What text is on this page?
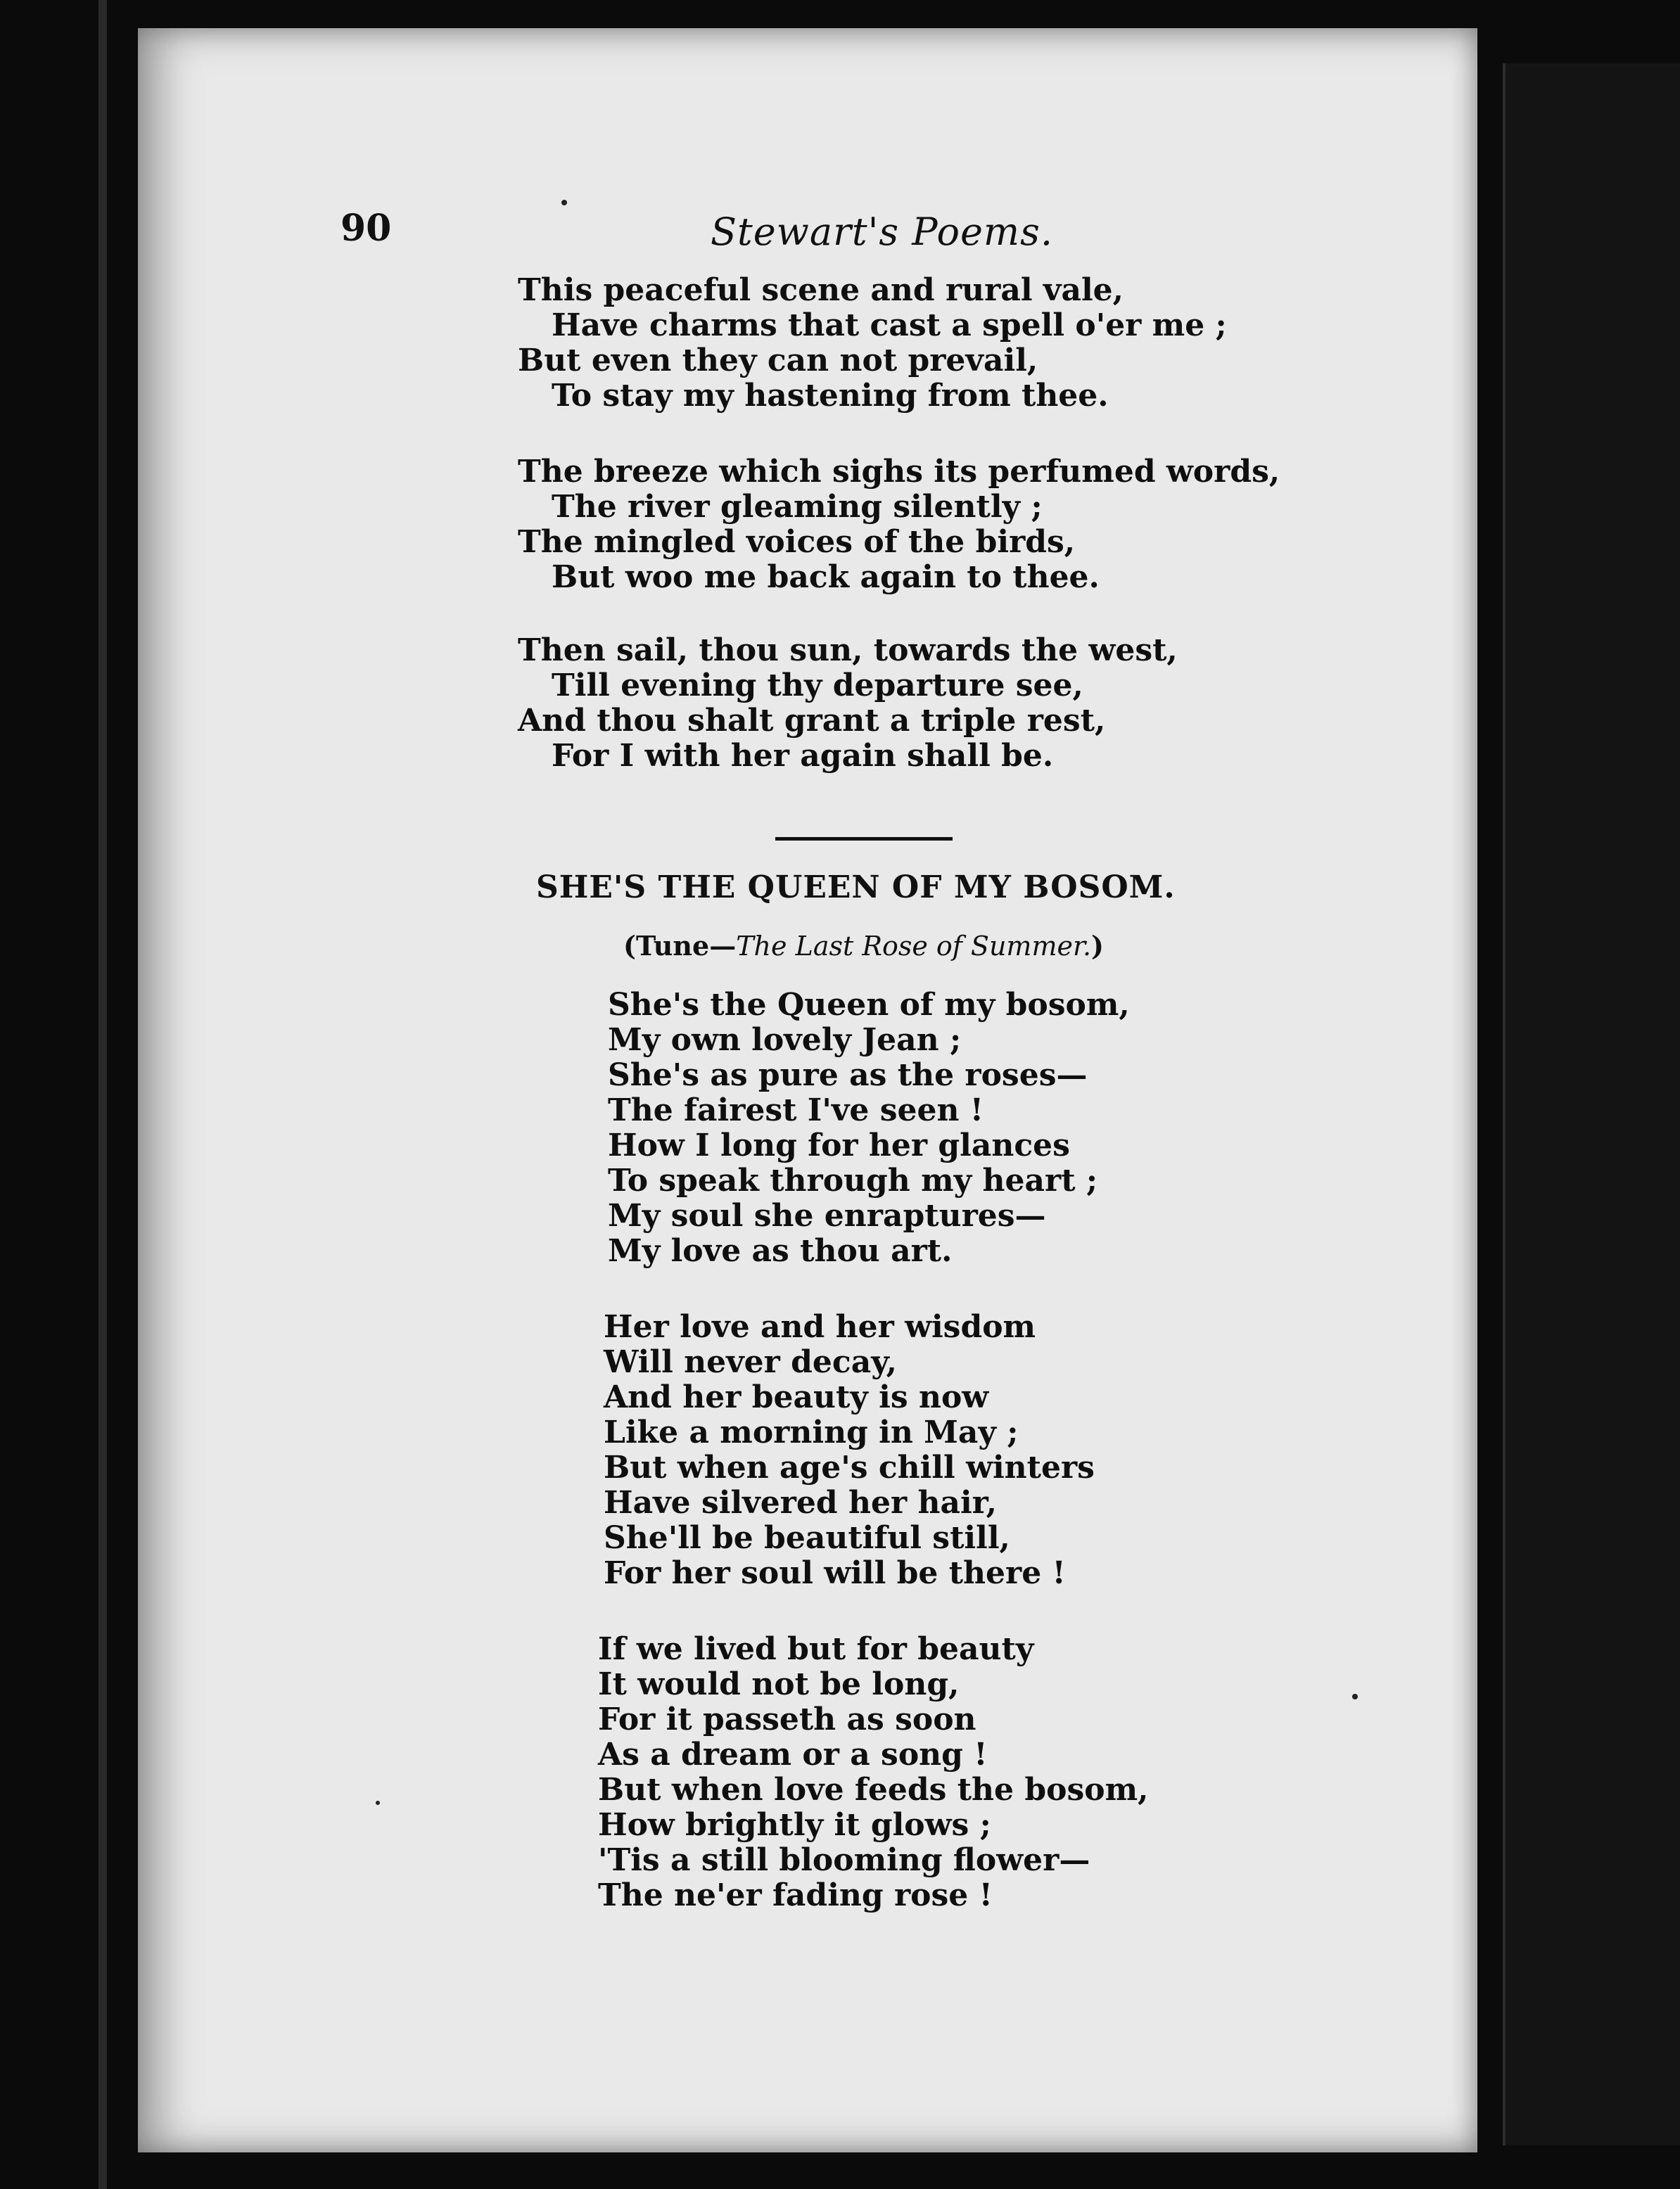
90	Stewart's Poems.
This peaceful scene and rural vale,
Have charms that cast a spell o'er me ;
But even they can not prevail,
To stay my hastening from thee.
The breeze which sighs its perfumed words,
The river gleaming silently ;
The mingled voices of the birds,
But woo me back again to thee.
Then sail, thou sun, towards the west,
Till evening thy departure see,
And thou shalt grant a triple rest,
For I with her again shall be.
SHE'S THE QUEEN OF MY BOSOM.
(Tune—The Last Rose of Summer.)
She's the Queen of my bosom,
My own lovely Jean ;
She's as pure as the roses—
The fairest I've seen !
How I long for her glances
To speak through my heart ;
My soul she enraptures—
My love as thou art.
Her love and her wisdom
Will never decay,
And her beauty is now
Like a morning in May ;
But when age's chill winters
Have silvered her hair,
She'll be beautiful still,
For her soul will be there !
If we lived but for beauty
It would not be long,
For it passeth as soon
As a dream or a song !
But when love feeds the bosom,
How brightly it glows ;
'Tis a still blooming flower—
The ne'er fading rose !
